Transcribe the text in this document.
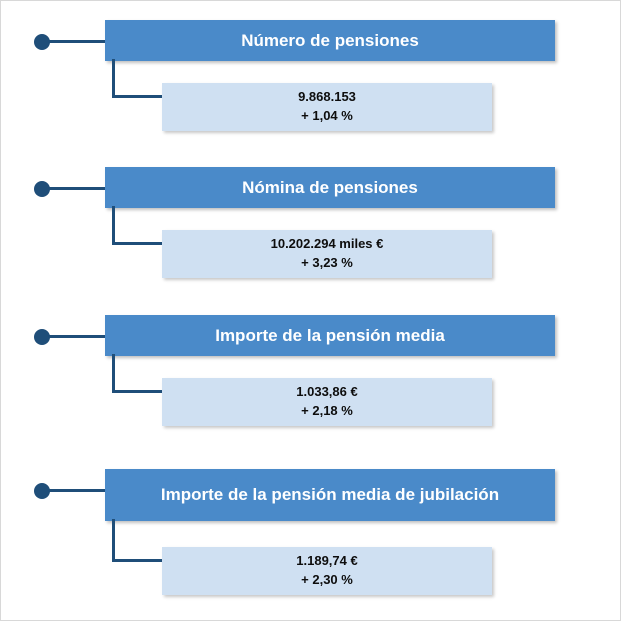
Número de pensiones
9.868.153
+ 1,04 %
Nómina de pensiones
10.202.294 miles €
+ 3,23 %
Importe de la pensión media
1.033,86 €
+ 2,18 %
Importe de la pensión media de jubilación
1.189,74 €
+ 2,30 %
